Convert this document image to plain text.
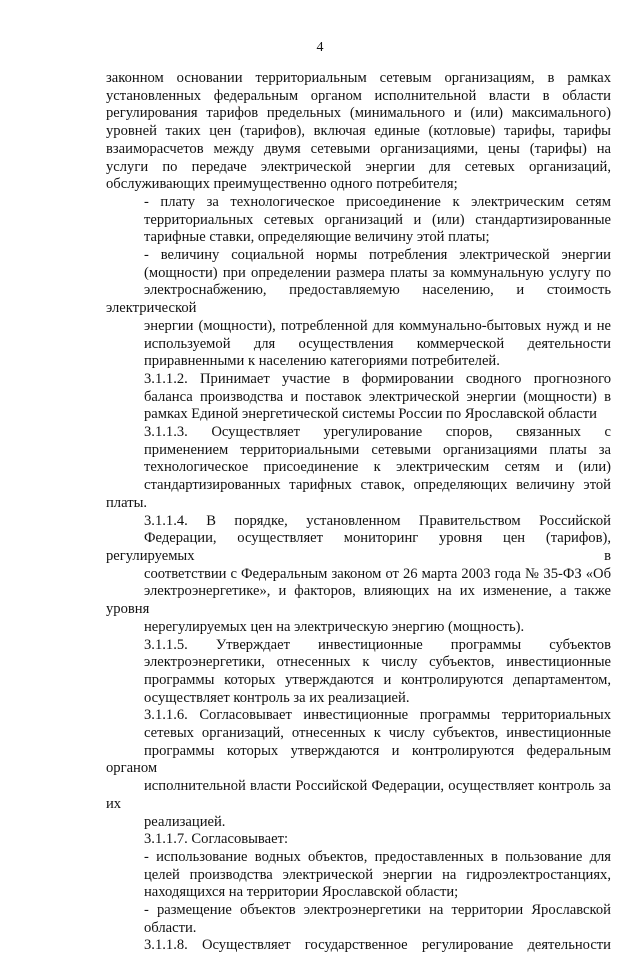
4

законном основании территориальным сетевым организациям, в рамках
установленных федеральным органом исполнительной власти в области
регулирования тарифов предельных (минимального и (или) максимального)
уровней таких цен (тарифов), включая единые (котловые) тарифы, тарифы
взаиморасчетов между двумя сетевыми организациями, цены (тарифы) на
услуги по передаче электрической энергии для сетевых организаций,
обслуживающих преимущественно одного потребителя;

- плату за технологическое присоединение к электрическим сетям
территориальных сетевых организаций и (или) стандартизированные
тарифные ставки, определяющие величину этой платы;

- величину социальной нормы потребления электрической энергии
(мощности) при определении размера платы за коммунальную услугу по
электроснабжению, предоставляемую населению, и стоимость электрической
энергии (мощности), потребленной для коммунально-бытовых нужд и не
используемой для осуществления коммерческой деятельности
приравненными к населению категориями потребителей.

3.1.1.2. Принимает участие в формировании сводного прогнозного
баланса производства и поставок электрической энергии (мощности) в
рамках Единой энергетической системы России по Ярославской области

3.1.1.3. Осуществляет урегулирование споров, связанных с
применением территориальными сетевыми организациями платы за
технологическое присоединение к электрическим сетям и (или)
стандартизированных тарифных ставок, определяющих величину этой платы.

3.1.1.4. В порядке, установленном Правительством Российской
Федерации, осуществляет мониторинг уровня цен (тарифов), регулируемых в
соответствии с Федеральным законом от 26 марта 2003 года № 35-ФЗ «Об
электроэнергетике», и факторов, влияющих на их изменение, а также уровня
нерегулируемых цен на электрическую энергию (мощность).

3.1.1.5. Утверждает инвестиционные программы субъектов
электроэнергетики, отнесенных к числу субъектов, инвестиционные
программы которых утверждаются и контролируются департаментом,
осуществляет контроль за их реализацией.

3.1.1.6. Согласовывает инвестиционные программы территориальных
сетевых организаций, отнесенных к числу субъектов, инвестиционные
программы которых утверждаются и контролируются федеральным органом
исполнительной власти Российской Федерации, осуществляет контроль за их
реализацией.

3.1.1.7. Согласовывает:

- использование водных объектов, предоставленных в пользование для
целей производства электрической энергии на гидроэлектростанциях,
находящихся на территории Ярославской области;

- размещение объектов электроэнергетики на территории Ярославской
области.

3.1.1.8. Осуществляет государственное регулирование деятельности
